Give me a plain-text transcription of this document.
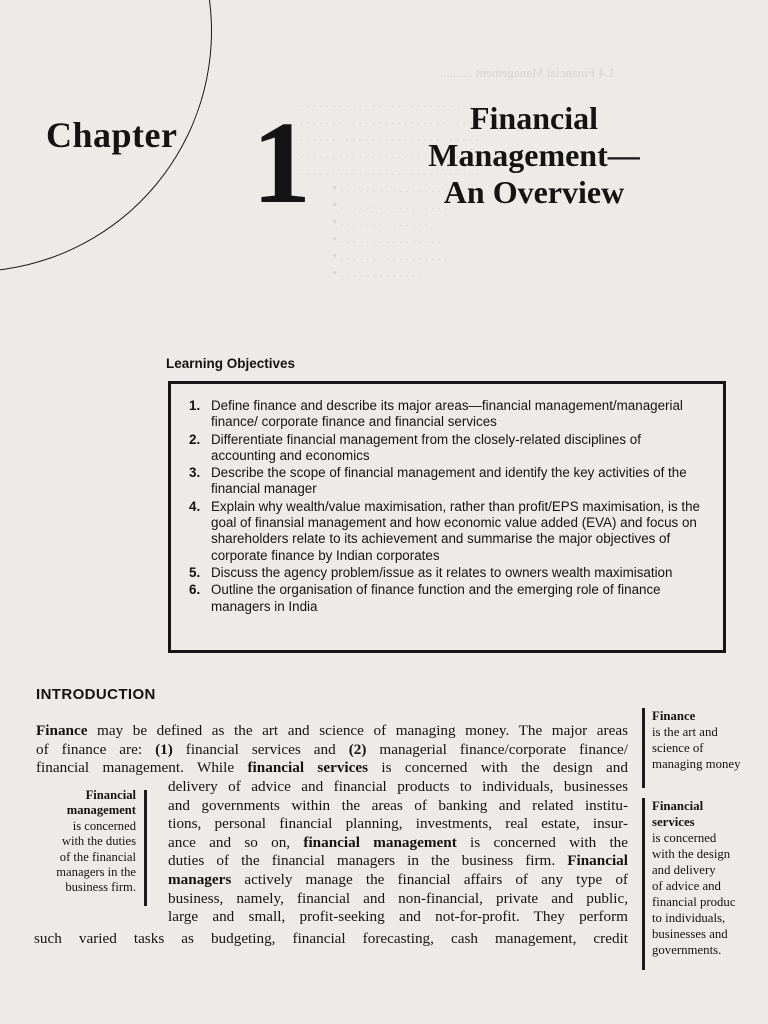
1.4 Financial Management ..........
. . . . . . . . . . . . . . . . . . . . . . . . . . . .
. . . . . . . . . . . . . . . . . . . . . . . . . . . .
. . . . . . . . . . . . . . . . . . . . . . . . . . . .
. . . . . . . . . . . . . . . . . . . . . . . . . . . .
. . . . . . . . . . . . . . . . . . . . . . . . . . . .
• . . . . . . . . . . . . . . . . . .
• . . . . . . . . . . . . . . . . . .
• . . . . . . . . . . . . . .
• . . . . . . . . . . . . . . . .
• . . . . . . . . . . . . . . . . .
• . . . . . . . . . . . . .
Chapter 1	Financial
Management—
An Overview
Learning Objectives
1. Define finance and describe its major areas—financial management/managerial finance/ corporate finance and financial services
2. Differentiate financial management from the closely-related disciplines of accounting and economics
3. Describe the scope of financial management and identify the key activities of the financial manager
4. Explain why wealth/value maximisation, rather than profit/EPS maximisation, is the goal of finansial management and how economic value added (EVA) and focus on shareholders relate to its achievement and summarise the major objectives of corporate finance by Indian corporates
5. Discuss the agency problem/issue as it relates to owners wealth maximisation
6. Outline the organisation of finance function and the emerging role of finance managers in India
INTRODUCTION

Finance may be defined as the art and science of managing money. The major areas

of finance are: (1) financial services and (2) managerial finance/corporate finance/

financial management. While financial services is concerned with the design and

delivery of advice and financial products to individuals, businesses

and governments within the areas of banking and related institu-

tions, personal financial planning, investments, real estate, insur-

ance and so on, financial management is concerned with the

duties of the financial managers in the business firm. Financial

managers actively manage the financial affairs of any type of

business, namely, financial and non-financial, private and public,

large and small, profit-seeking and not-for-profit. They perform

such varied tasks as budgeting, financial forecasting, cash management, credit

Financial
management
is concerned
with the duties
of the financial
managers in the
business firm.
Finance
is the art and
science of
managing money
Financial
services
is concerned
with the design
and delivery
of advice and
financial produc
to individuals,
businesses and
governments.
